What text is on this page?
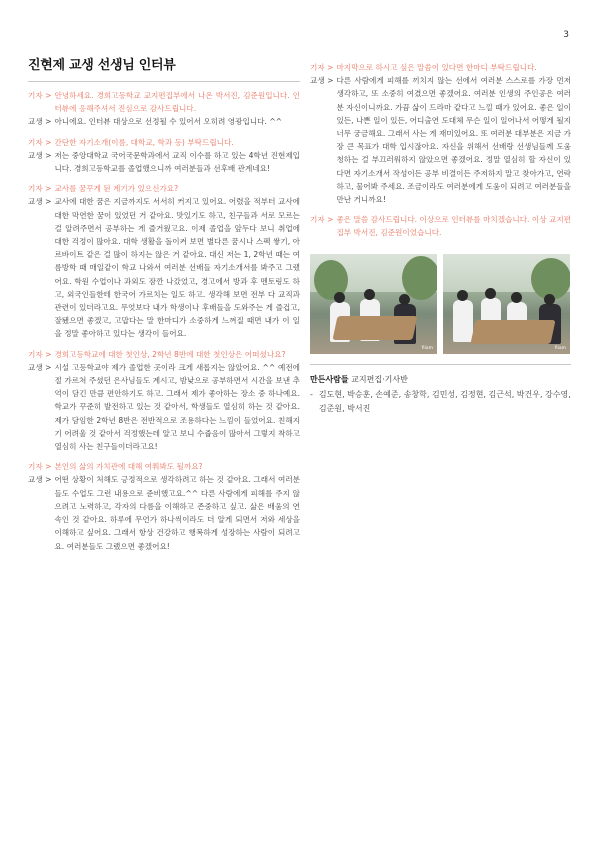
3
진현제 교생 선생님 인터뷰
기자 > 안녕하세요. 경희고등학교 교지편집부에서 나온 박서진, 김준원입니다. 인터뷰에 응해주셔서 진심으로 감사드립니다.
교생 > 아니에요. 인터뷰 대상으로 선정될 수 있어서 오히려 영광입니다. ^^
기자 > 간단한 자기소개(이름, 대학교, 학과 등) 부탁드립니다.
교생 > 저는 중앙대학교 국어국문학과에서 교직 이수를 하고 있는 4학년 진현제입니다. 경희고등학교를 졸업했으니까 여러분들과 선후배 관계네요!
기자 > 교사를 꿈꾸게 된 계기가 있으신가요?
교생 > 교사에 대한 꿈은 지금까지도 서서히 커지고 있어요. 어렸을 적부터 교사에 대한 막연한 꿈이 있었던 거 같아요. 맛있기도 하고, 친구들과 서로 모르는 걸 알려주면서 공부하는 게 즐거웠고요. 이제 졸업을 앞두다 보니 취업에 대한 걱정이 많아요. 대학 생활을 돌이켜 보면 별다른 꿈시나 스펙 쌓기, 아르바이트 같은 걸 많이 하지는 않은 거 같아요. 대신 저는 1, 2학년 때는 여름방학 때 매일같이 학교 나와서 여러분 선배들 자기소개서를 봐주고 그랬어요. 학원 수업이나 과외도 잠깐 나갔었고, 경고에서 방과 후 멘토링도 하고, 외국인들한테 한국어 가르치는 일도 하고. 생각해 보면 전부 다 교직과 관련이 있더라고요. 무엇보다 내가 학생이나 후배들을 도와주는 게 즐겁고, 잘됐으면 좋겠고, 고맙다는 말 한마디가 소중하게 느껴질 때면 내가 이 일을 정말 좋아하고 있다는 생각이 들어요.
기자 > 경희고등학교에 대한 첫인상, 2학년 8반에 대한 첫인상은 어떠셨나요?
교생 > 시설 고등학교야 제가 졸업한 곳이라 크게 새롭지는 않았어요. ^^ 예전에 절 가르쳐 주셨던 은사님들도 계시고, 밤낮으로 공부하면서 시간을 보낸 추억이 담긴 만큼 편안하기도 하고. 그래서 제가 좋아하는 장소 중 하나예요. 학교가 꾸준히 발전하고 있는 것 같아서, 학생들도 열심히 하는 것 같아요. 제가 담임한 2학년 8반은 전반적으로 조용하다는 느낌이 들었어요. 친해지기 어려울 것 같아서 걱정했는데 알고 보니 수줍음이 많아서 그렇지 착하고 열심히 사는 친구들이더라고요!
기자 > 본인의 삶의 가치관에 대해 여쭤봐도 될까요?
교생 > 어떤 상황이 처해도 긍정적으로 생각하려고 하는 것 같아요. 그래서 여러분들도 수업도 그런 내용으로 준비했고요.^^ 다른 사람에게 피해를 주지 않으려고 노력하고, 각자의 다름을 이해하고 존중하고 싶고. 삶은 배움의 연속인 것 같아요. 하루에 무언가 하나씩이라도 더 알게 되면서 저와 세상을 이해하고 싶어요. 그래서 항상 건강하고 행복하게 성장하는 사람이 되려고요. 여러분들도 그랬으면 좋겠어요!
기자 > 마지막으로 하시고 싶은 말씀이 있다면 한마디 부탁드립니다.
교생 > 다른 사람에게 피해를 끼치지 않는 선에서 여러분 스스로를 가장 먼저 생각하고, 또 소중히 여겼으면 좋겠어요. 여러분 인생의 주인공은 여러분 자신이니까요. 가끔 삶이 드라마 같다고 느낄 때가 있어요. 좋은 일이 있든, 나쁜 일이 있든, 어디출연 도대체 무슨 일이 일어나서 어떻게 될지 너무 궁금해요. 그래서 사는 게 재미있어요. 또 여러분 대부분은 지금 가장 큰 목표가 대학 입시잖아요. 자신을 위해서 선배랑 선생님들께 도움 청하는 걸 부끄러워하지 않았으면 좋겠어요. 정말 열심히 할 자신이 있다면 자기소개서 작성이든 공부 비결이든 주저하지 말고 찾아가고, 연락하고, 물어봐 주세요. 조금이라도 여러분에게 도움이 되려고 여러분들을 만난 거니까요!
기자 > 좋은 말씀 감사드립니다. 이상으로 인터뷰를 마치겠습니다. 이상 교지편집부 박서진, 김준원이었습니다.
fiiam	fiiam
만든사람들 교지편집·기사반
- 김도현, 박승훈, 손예준, 송창학, 김민성, 김정현, 김근석, 박건우, 강수영, 김준원, 박서진
